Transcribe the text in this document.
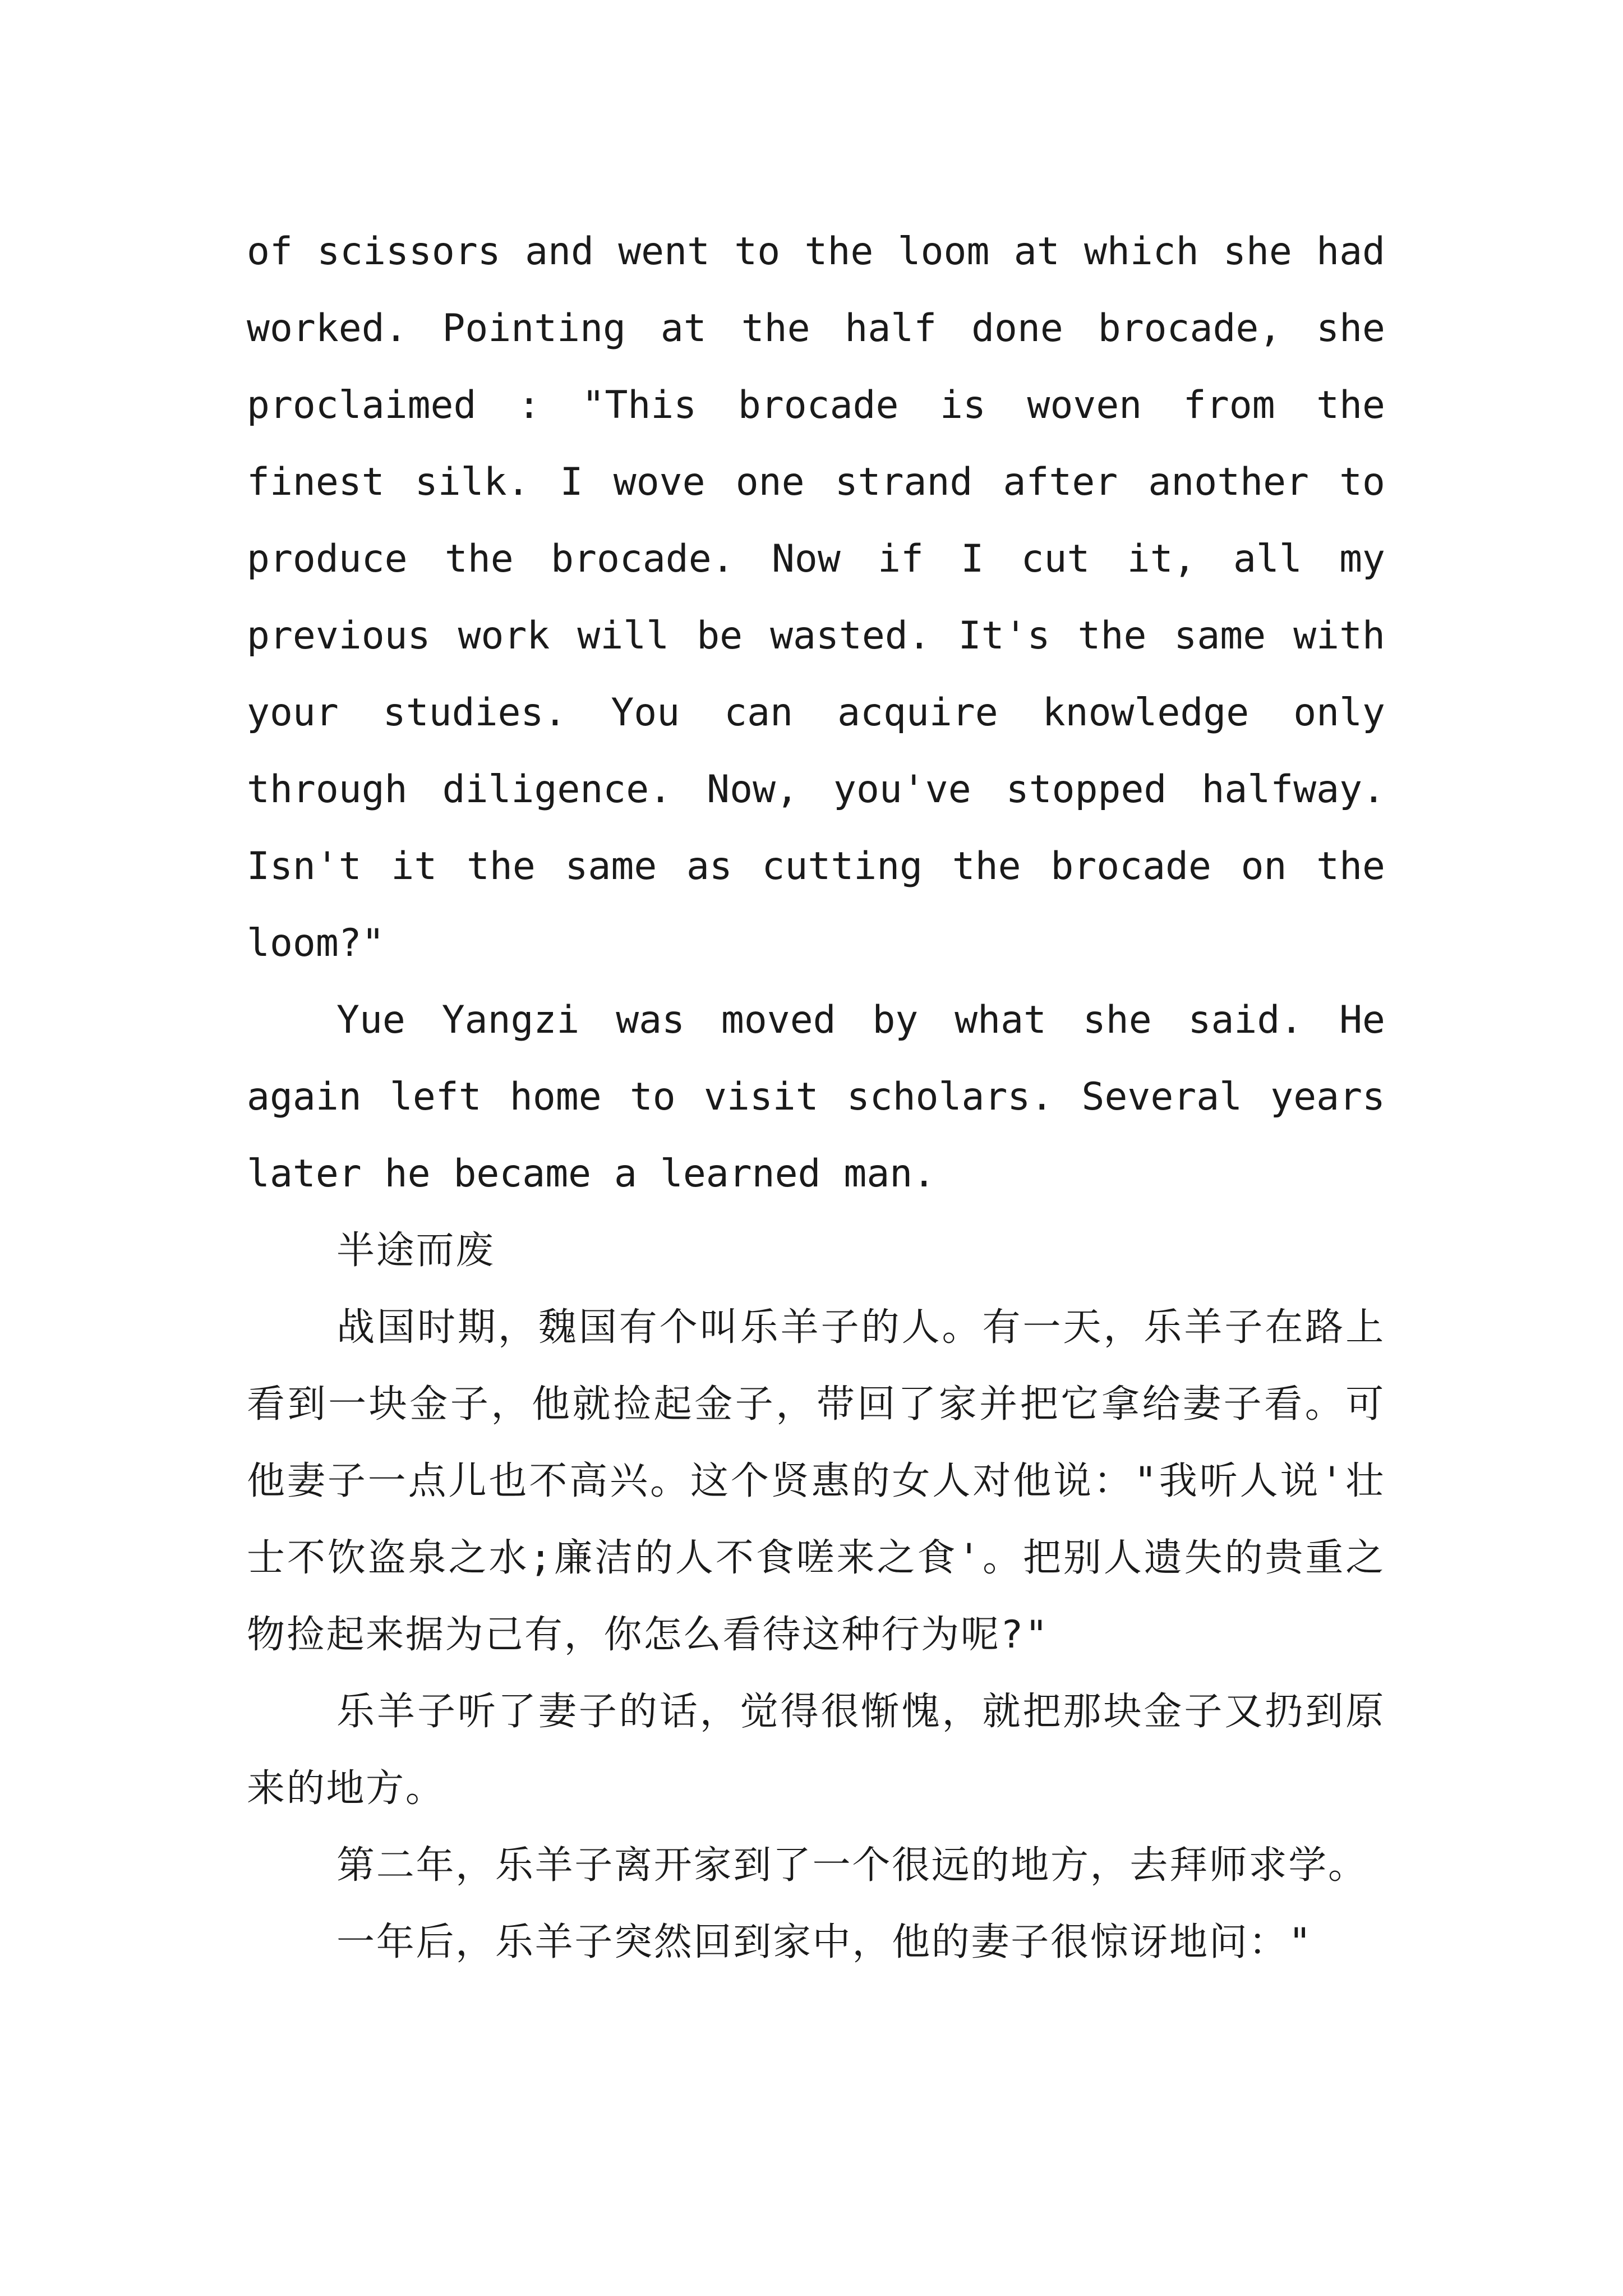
of scissors and went to the loom at which she had worked. Pointing at the half done brocade, she proclaimed : "This brocade is woven from the finest silk. I wove one strand after another to produce the brocade. Now if I cut it, all my previous work will be wasted. It's the same with your studies. You can acquire knowledge only through diligence. Now, you've stopped halfway. Isn't it the same as cutting the brocade on the loom?"

Yue Yangzi was moved by what she said. He again left home to visit scholars. Several years later he became a learned man.

半途而废

战国时期，魏国有个叫乐羊子的人。有一天，乐羊子在路上看到一块金子，他就捡起金子，带回了家并把它拿给妻子看。可他妻子一点儿也不高兴。这个贤惠的女人对他说："我听人说'壮士不饮盗泉之水;廉洁的人不食嗟来之食'。把别人遗失的贵重之物捡起来据为己有，你怎么看待这种行为呢?"

乐羊子听了妻子的话，觉得很惭愧，就把那块金子又扔到原来的地方。

第二年，乐羊子离开家到了一个很远的地方，去拜师求学。

一年后，乐羊子突然回到家中，他的妻子很惊讶地问："
